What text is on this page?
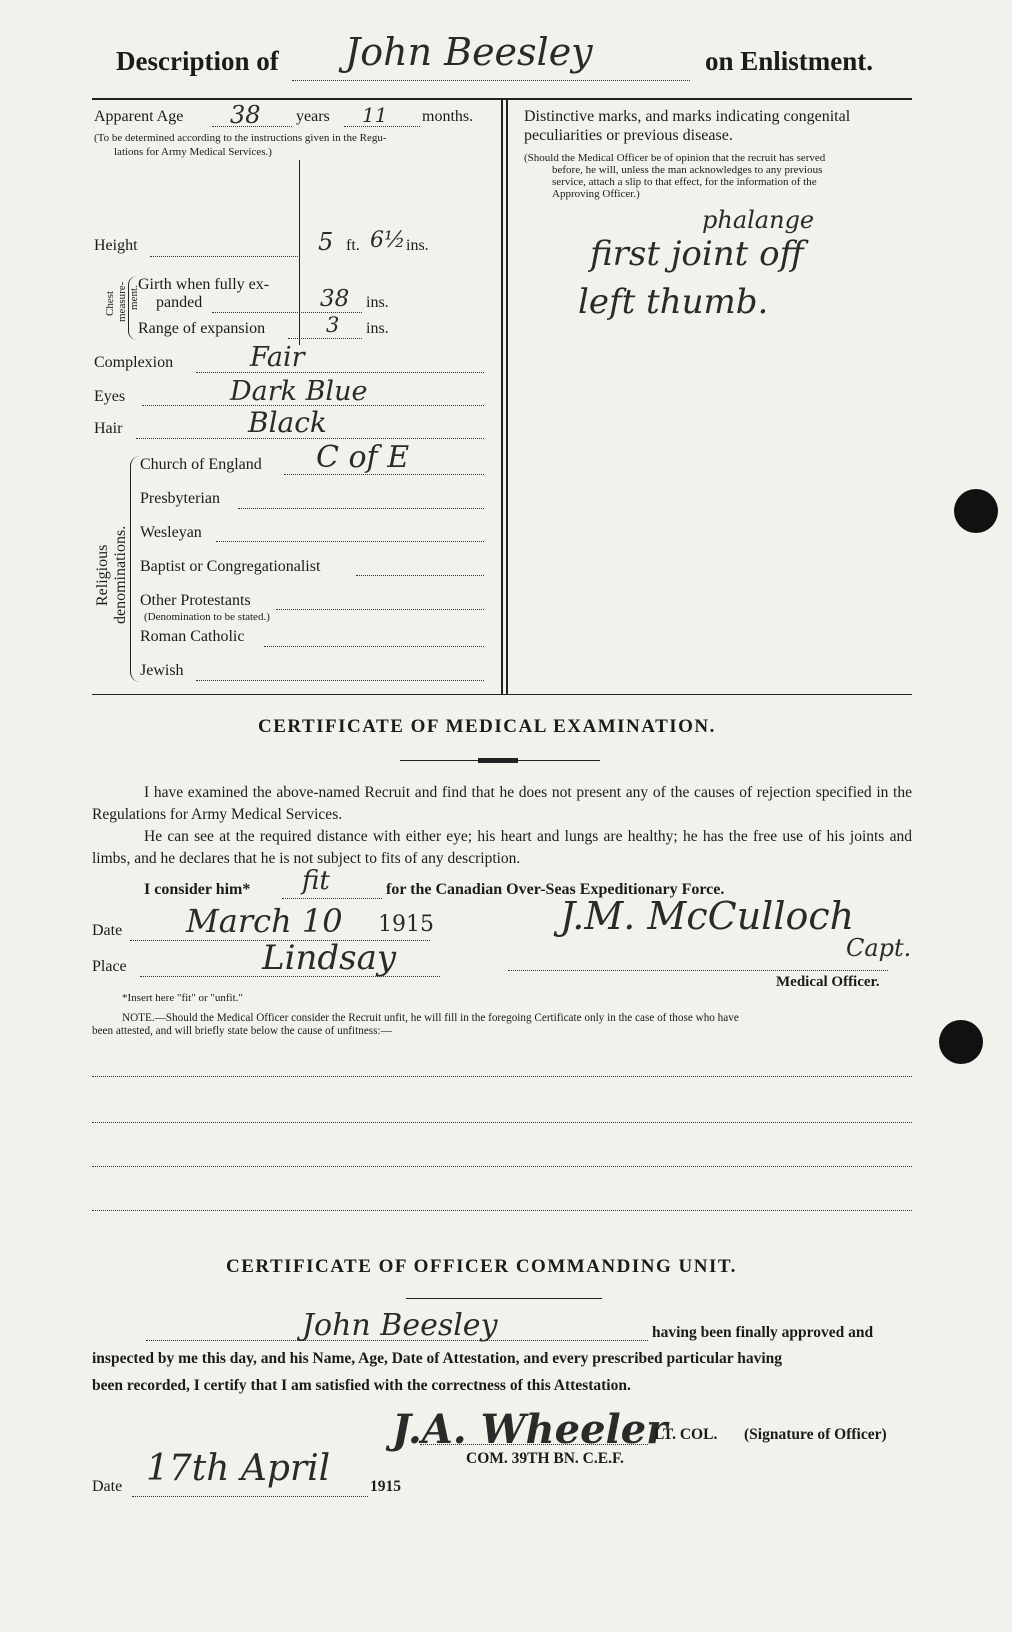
Description of John Beesley	on Enlistment.
Apparent Age 38 years 11 months.
(To be determined according to the instructions given in the Regu-
lations for Army Medical Services.)
Height	5 ft. 6½ ins.
Chest measure- ment.
Girth when fully ex-
panded	38 ins.
Range of expansion	3 ins.
Complexion	Fair
Eyes	Dark Blue
Hair	Black
Religious denominations.
Church of England C of E
Presbyterian
Wesleyan
Baptist or Congregationalist
Other Protestants
(Denomination to be stated.)
Roman Catholic
Jewish
Distinctive marks, and marks indicating congenital
peculiarities or previous disease.
(Should the Medical Officer be of opinion that the recruit has served
before, he will, unless the man acknowledges to any previous
service, attach a slip to that effect, for the information of the
Approving Officer.)
phalange
first joint off
left thumb.
CERTIFICATE OF MEDICAL EXAMINATION.
I have examined the above-named Recruit and find that he does not present any of the causes of rejection specified in the Regulations for Army Medical Services.
He can see at the required distance with either eye; his heart and lungs are healthy; he has the free use of his joints and limbs, and he declares that he is not subject to fits of any description.
I consider him* fit	for the Canadian Over-Seas Expeditionary Force.
Date March 10 1915
Place	Lindsay
J.M. McCulloch
Capt.
Medical Officer.
*Insert here "fit" or "unfit."
NOTE.—Should the Medical Officer consider the Recruit unfit, he will fill in the foregoing Certificate only in the case of those who have
been attested, and will briefly state below the cause of unfitness:—
CERTIFICATE OF OFFICER COMMANDING UNIT.
John Beesley	having been finally approved and
inspected by me this day, and his Name, Age, Date of Attestation, and every prescribed particular having
been recorded, I certify that I am satisfied with the correctness of this Attestation.
J.A. Wheeler
LT. COL. (Signature of Officer)
COM. 39TH BN. C.E.F.
Date 17th April	1915
